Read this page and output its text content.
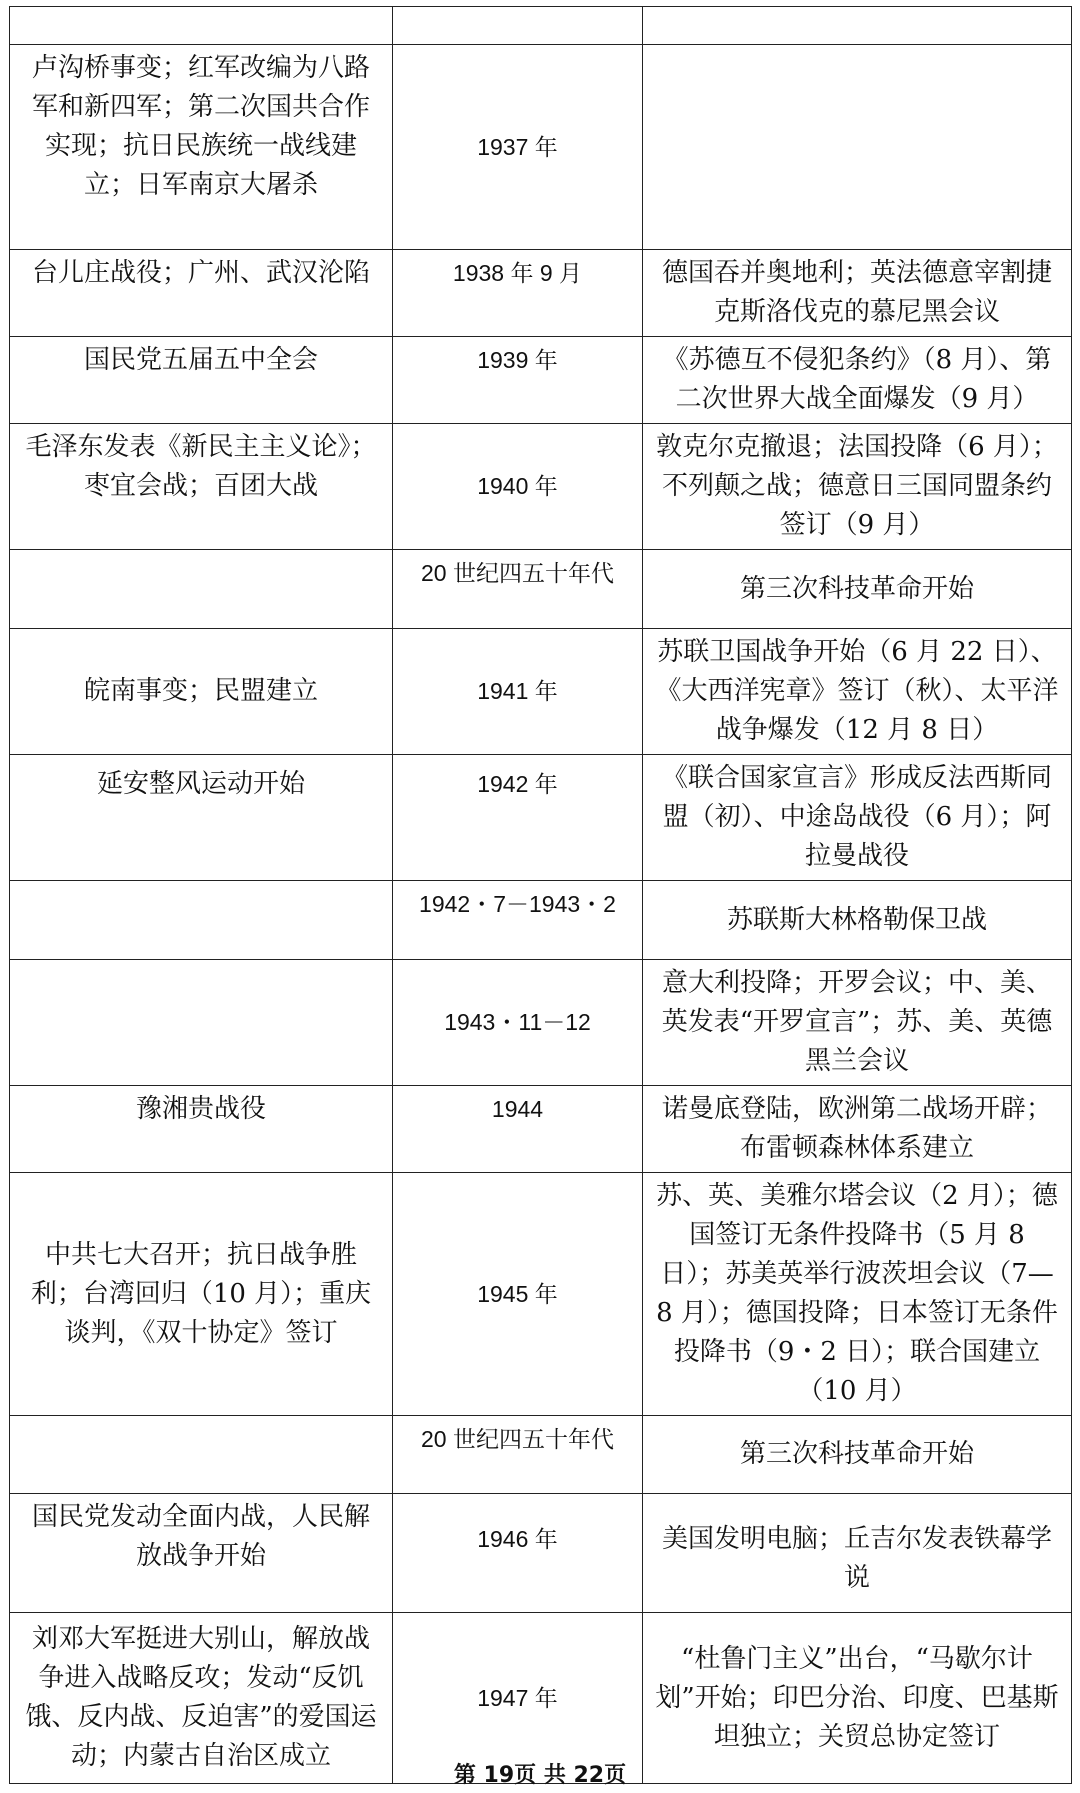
卢沟桥事变；红军改编为八路军和新四军；第二次国共合作实现；抗日民族统一战线建立；日军南京大屠杀	1937 年	
台儿庄战役；广州、武汉沦陷	1938 年 9 月	德国吞并奥地利；英法德意宰割捷克斯洛伐克的慕尼黑会议
国民党五届五中全会	1939 年	《苏德互不侵犯条约》（8 月）、第二次世界大战全面爆发（9 月）
毛泽东发表《新民主主义论》；枣宜会战；百团大战	1940 年	敦克尔克撤退；法国投降（6 月）；不列颠之战；德意日三国同盟条约签订（9 月）
	20 世纪四五十年代	第三次科技革命开始
皖南事变；民盟建立	1941 年	苏联卫国战争开始（6 月 22 日）、《大西洋宪章》签订（秋）、太平洋战争爆发（12 月 8 日）
延安整风运动开始	1942 年	《联合国家宣言》形成反法西斯同盟（初）、中途岛战役（6 月）；阿拉曼战役
	1942・7－1943・2	苏联斯大林格勒保卫战
	1943・11－12	意大利投降；开罗会议；中、美、英发表“开罗宣言”；苏、美、英德黑兰会议
豫湘贵战役	1944	诺曼底登陆，欧洲第二战场开辟；布雷顿森林体系建立
中共七大召开；抗日战争胜利；台湾回归（10 月）；重庆谈判，《双十协定》签订	1945 年	苏、英、美雅尔塔会议（2 月）；德国签订无条件投降书（5 月 8 日）；苏美英举行波茨坦会议（7—8 月）；德国投降；日本签订无条件投降书（9・2 日）；联合国建立（10 月）
	20 世纪四五十年代	第三次科技革命开始
国民党发动全面内战，人民解放战争开始	1946 年	美国发明电脑；丘吉尔发表铁幕学说
刘邓大军挺进大别山，解放战争进入战略反攻；发动“反饥饿、反内战、反迫害”的爱国运动；内蒙古自治区成立	1947 年	“杜鲁门主义”出台，“马歇尔计划”开始；印巴分治、印度、巴基斯坦独立；关贸总协定签订
第 19页 共 22页
